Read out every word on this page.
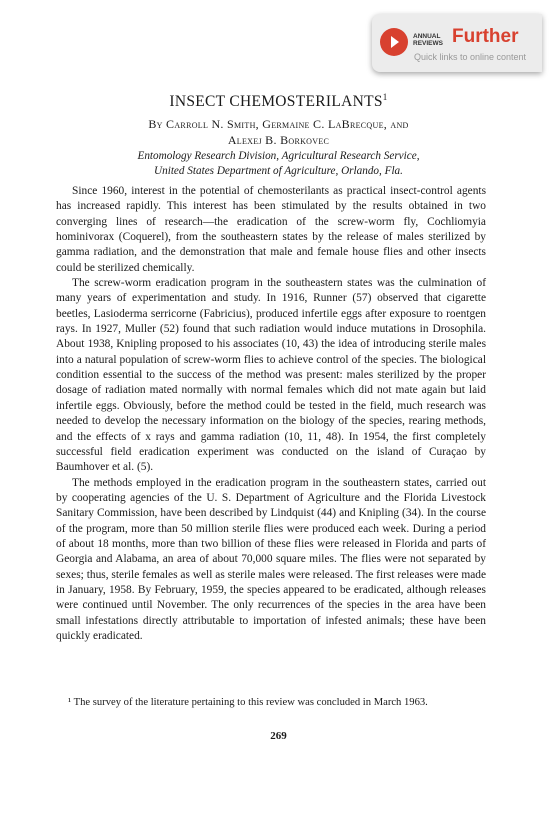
ANNUAL REVIEWS Further
Quick links to online content
INSECT CHEMOSTERILANTS$^1$
By Carroll N. Smith, Germaine C. LaBrecque, and
Alexej B. Borkovec
Entomology Research Division, Agricultural Research Service,
United States Department of Agriculture, Orlando, Fla.

Since 1960, interest in the potential of chemosterilants as practical insect-control agents has increased rapidly. This interest has been stimulated by the results obtained in two converging lines of research—the eradication of the screw-worm fly, Cochliomyia hominivorax (Coquerel), from the southeastern states by the release of males sterilized by gamma radiation, and the demonstration that male and female house flies and other insects could be sterilized chemically.

The screw-worm eradication program in the southeastern states was the culmination of many years of experimentation and study. In 1916, Runner (57) observed that cigarette beetles, Lasioderma serricorne (Fabricius), produced infertile eggs after exposure to roentgen rays. In 1927, Muller (52) found that such radiation would induce mutations in Drosophila. About 1938, Knipling proposed to his associates (10, 43) the idea of introducing sterile males into a natural population of screw-worm flies to achieve control of the species. The biological condition essential to the success of the method was present: males sterilized by the proper dosage of radiation mated normally with normal females which did not mate again but laid infertile eggs. Obviously, before the method could be tested in the field, much research was needed to develop the necessary information on the biology of the species, rearing methods, and the effects of x rays and gamma radiation (10, 11, 48). In 1954, the first completely successful field eradication experiment was conducted on the island of Curaçao by Baumhover et al. (5).

The methods employed in the eradication program in the southeastern states, carried out by cooperating agencies of the U. S. Department of Agriculture and the Florida Livestock Sanitary Commission, have been described by Lindquist (44) and Knipling (34). In the course of the program, more than 50 million sterile flies were produced each week. During a period of about 18 months, more than two billion of these flies were released in Florida and parts of Georgia and Alabama, an area of about 70,000 square miles. The flies were not separated by sexes; thus, sterile females as well as sterile males were released. The first releases were made in January, 1958. By February, 1959, the species appeared to be eradicated, although releases were continued until November. The only recurrences of the species in the area have been small infestations directly attributable to importation of infested animals; these have been quickly eradicated.

¹ The survey of the literature pertaining to this review was concluded in March 1963.
269
